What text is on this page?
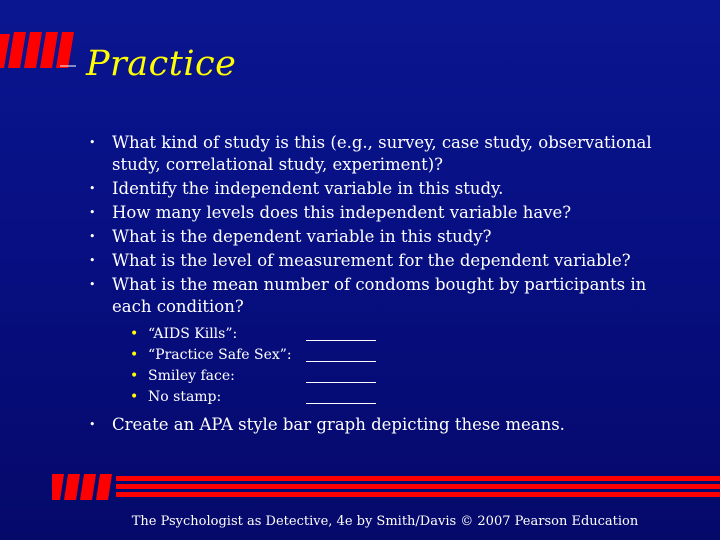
Practice
• What kind of study is this (e.g., survey, case study, observational study, correlational study, experiment)?
• Identify the independent variable in this study.
• How many levels does this independent variable have?
• What is the dependent variable in this study?
• What is the level of measurement for the dependent variable?
• What is the mean number of condoms bought by participants in each condition?
• “AIDS Kills”:
• “Practice Safe Sex”:
• Smiley face:
• No stamp:
• Create an APA style bar graph depicting these means.
The Psychologist as Detective, 4e by Smith/Davis © 2007 Pearson Education
